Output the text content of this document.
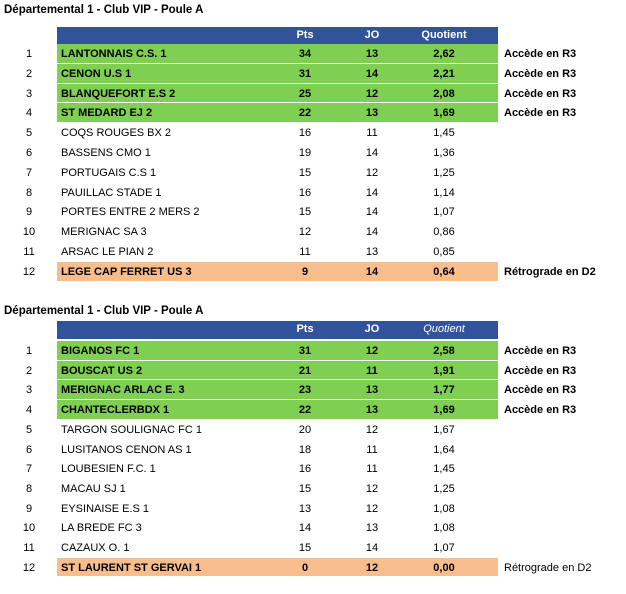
Départemental 1 - Club VIP - Poule A
Pts	JO	Quotient
1	LANTONNAIS C.S. 1	34	13	2,62	Accède en R3
2	CENON U.S 1	31	14	2,21	Accède en R3
3	BLANQUEFORT E.S 2	25	12	2,08	Accède en R3
4	ST MEDARD EJ 2	22	13	1,69	Accède en R3
5	COQS ROUGES BX 2	16	11	1,45
6	BASSENS CMO 1	19	14	1,36
7	PORTUGAIS C.S 1	15	12	1,25
8	PAUILLAC STADE 1	16	14	1,14
9	PORTES ENTRE 2 MERS 2	15	14	1,07
10	MERIGNAC SA 3	12	14	0,86
11	ARSAC LE PIAN 2	11	13	0,85
12	LEGE CAP FERRET US 3	9	14	0,64	Rétrograde en D2
Départemental 1 - Club VIP - Poule A
Pts	JO	Quotient
1	BIGANOS FC 1	31	12	2,58	Accède en R3
2	BOUSCAT US 2	21	11	1,91	Accède en R3
3	MERIGNAC ARLAC E. 3	23	13	1,77	Accède en R3
4	CHANTECLERBDX 1	22	13	1,69	Accède en R3
5	TARGON SOULIGNAC FC 1	20	12	1,67
6	LUSITANOS CENON AS 1	18	11	1,64
7	LOUBESIEN F.C. 1	16	11	1,45
8	MACAU SJ 1	15	12	1,25
9	EYSINAISE E.S 1	13	12	1,08
10	LA BREDE FC 3	14	13	1,08
11	CAZAUX O. 1	15	14	1,07
12	ST LAURENT ST GERVAI 1	0	12	0,00	Rétrograde en D2
